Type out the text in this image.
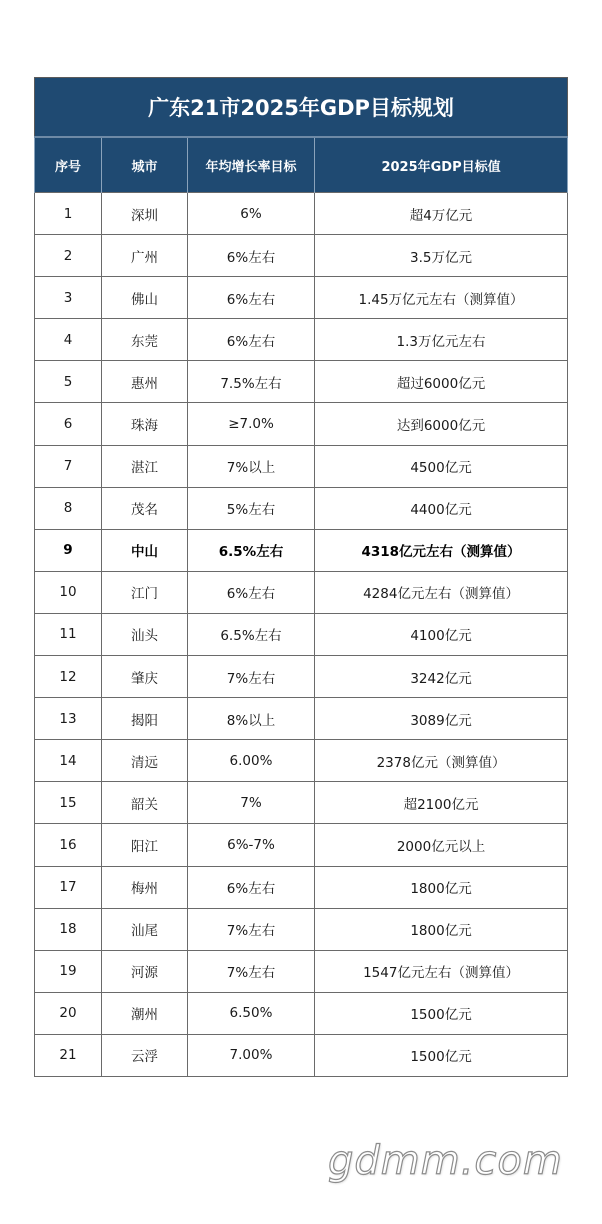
广东21市2025年GDP目标规划			
序号	城市	年均增长率目标	2025年GDP目标值
1	深圳	6%	超4万亿元
2	广州	6%左右	3.5万亿元
3	佛山	6%左右	1.45万亿元左右（测算值）
4	东莞	6%左右	1.3万亿元左右
5	惠州	7.5%左右	超过6000亿元
6	珠海	≥7.0%	达到6000亿元
7	湛江	7%以上	4500亿元
8	茂名	5%左右	4400亿元
9	中山	6.5%左右	4318亿元左右（测算值）
10	江门	6%左右	4284亿元左右（测算值）
11	汕头	6.5%左右	4100亿元
12	肇庆	7%左右	3242亿元
13	揭阳	8%以上	3089亿元
14	清远	6.00%	2378亿元（测算值）
15	韶关	7%	超2100亿元
16	阳江	6%-7%	2000亿元以上
17	梅州	6%左右	1800亿元
18	汕尾	7%左右	1800亿元
19	河源	7%左右	1547亿元左右（测算值）
20	潮州	6.50%	1500亿元
21	云浮	7.00%	1500亿元
gdmm.com
